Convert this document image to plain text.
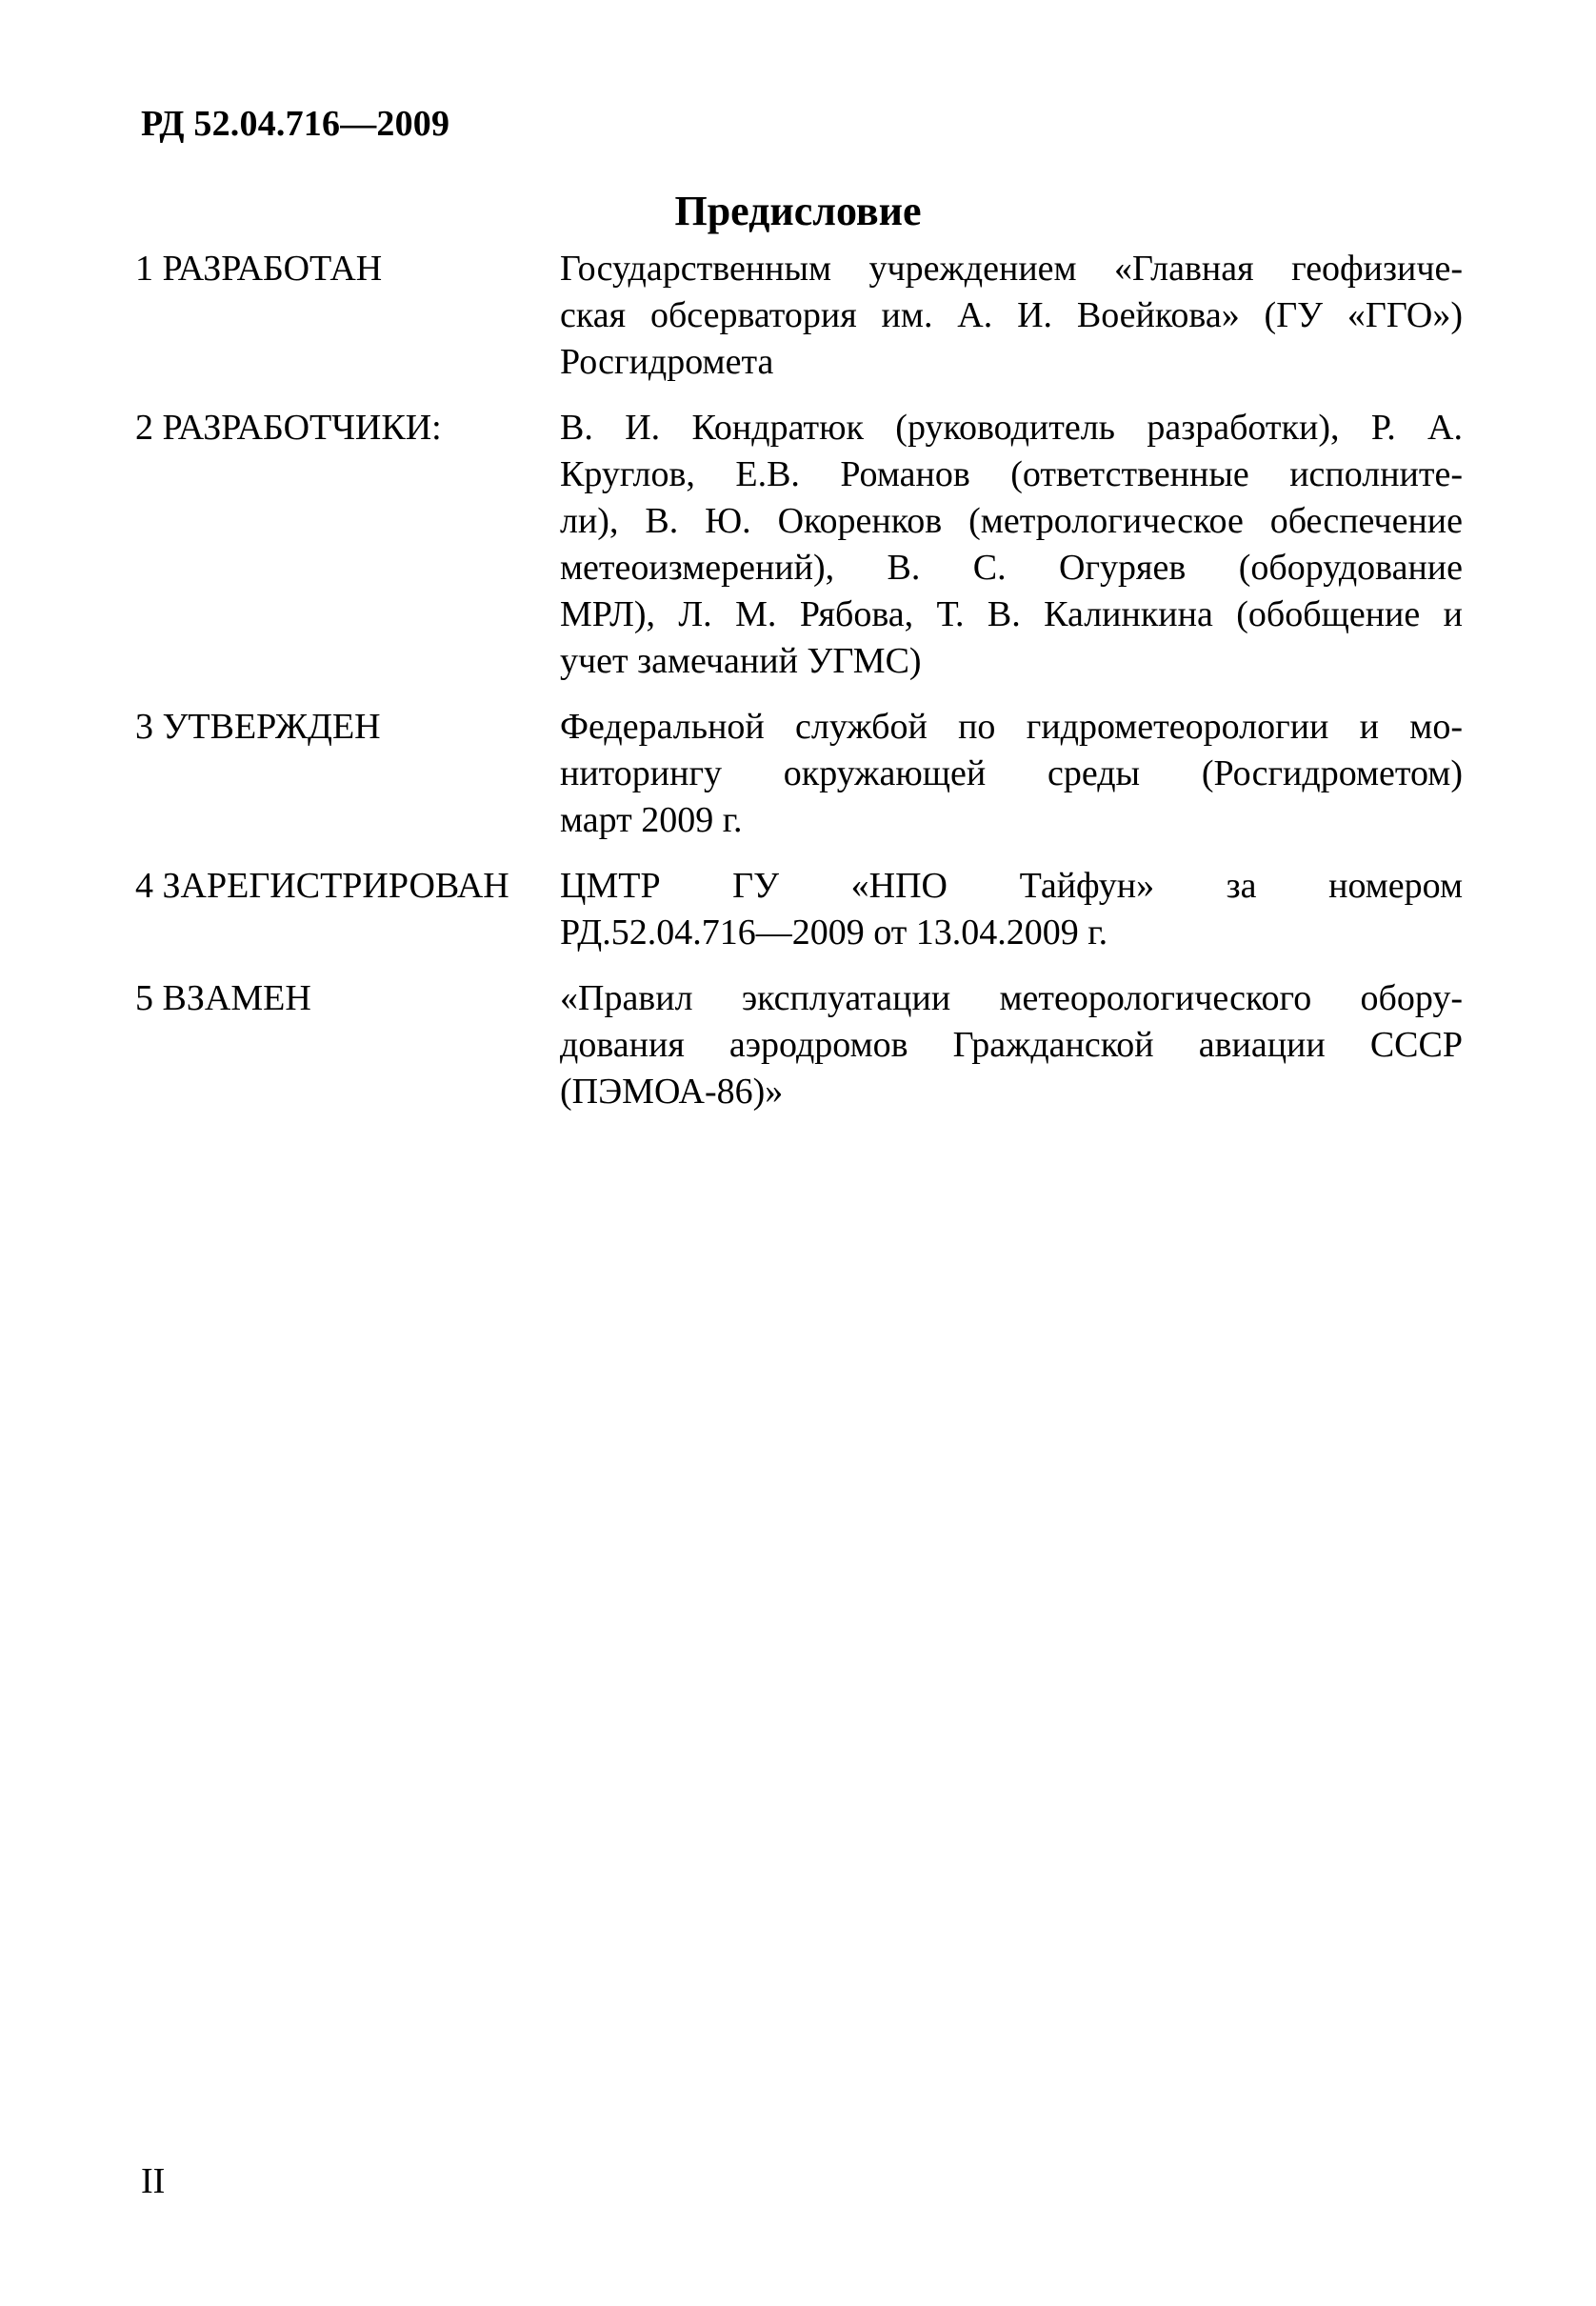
РД 52.04.716—2009
Предисловие
1 РАЗРАБОТАН	Государственным учреждением «Главная геофизиче-
ская обсерватория им. А. И. Воейкова» (ГУ «ГГО»)
Росгидромета
2 РАЗРАБОТЧИКИ:	В. И. Кондратюк (руководитель разработки), Р. А.
Круглов, Е.В. Романов (ответственные исполните-
ли), В. Ю. Окоренков (метрологическое обеспечение
метеоизмерений), В. С. Огуряев (оборудование
МРЛ), Л. М. Рябова, Т. В. Калинкина (обобщение и
учет замечаний УГМС)
3 УТВЕРЖДЕН	Федеральной службой по гидрометеорологии и мо-
ниторингу окружающей среды (Росгидрометом)
март 2009 г.
4 ЗАРЕГИСТРИРОВАН	ЦМТР ГУ «НПО Тайфун» за номером
РД.52.04.716—2009 от 13.04.2009 г.
5 ВЗАМЕН	«Правил эксплуатации метеорологического обору-
дования аэродромов Гражданской авиации СССР
(ПЭМОА-86)»
II
